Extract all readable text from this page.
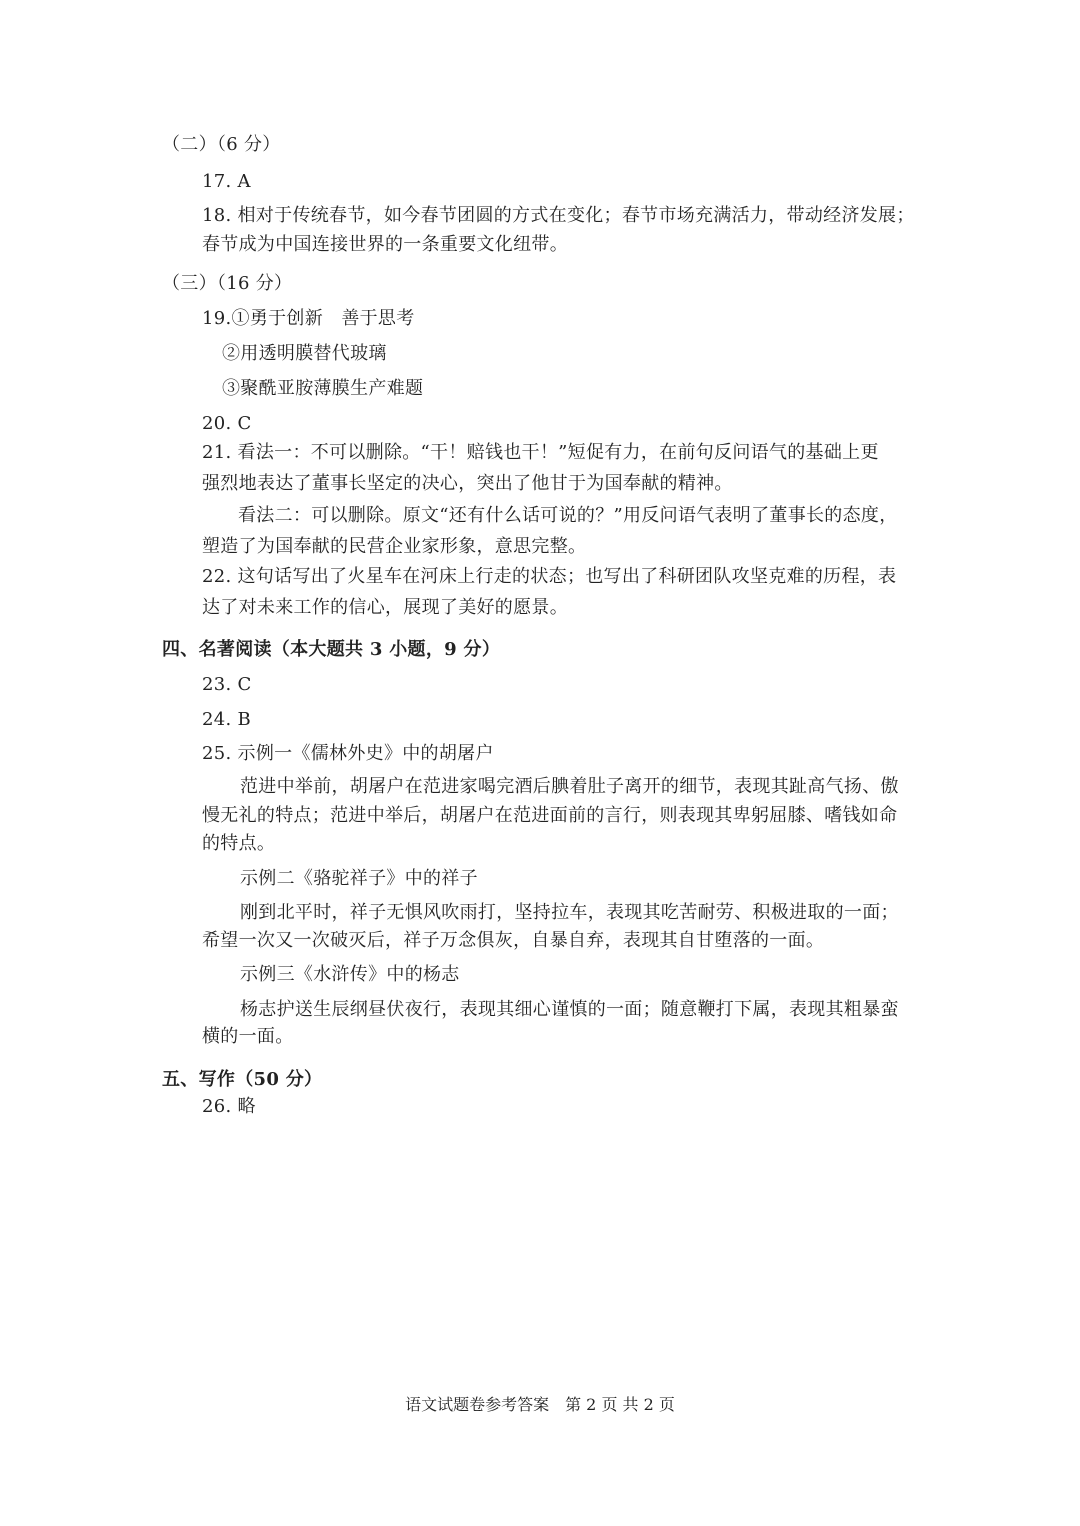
（二）（6 分）
17. A
18. 相对于传统春节，如今春节团圆的方式在变化；春节市场充满活力，带动经济发展；
春节成为中国连接世界的一条重要文化纽带。
（三）（16 分）
19.①勇于创新　善于思考
②用透明膜替代玻璃
③聚酰亚胺薄膜生产难题
20. C
21. 看法一：不可以删除。“干！赔钱也干！”短促有力，在前句反问语气的基础上更
强烈地表达了董事长坚定的决心，突出了他甘于为国奉献的精神。
看法二：可以删除。原文“还有什么话可说的？”用反问语气表明了董事长的态度，
塑造了为国奉献的民营企业家形象，意思完整。
22. 这句话写出了火星车在河床上行走的状态；也写出了科研团队攻坚克难的历程，表
达了对未来工作的信心，展现了美好的愿景。
四、名著阅读（本大题共 3 小题，9 分）
23. C
24. B
25. 示例一《儒林外史》中的胡屠户
范进中举前，胡屠户在范进家喝完酒后腆着肚子离开的细节，表现其趾高气扬、傲
慢无礼的特点；范进中举后，胡屠户在范进面前的言行，则表现其卑躬屈膝、嗜钱如命
的特点。
示例二《骆驼祥子》中的祥子
刚到北平时，祥子无惧风吹雨打，坚持拉车，表现其吃苦耐劳、积极进取的一面；
希望一次又一次破灭后，祥子万念俱灰，自暴自弃，表现其自甘堕落的一面。
示例三《水浒传》中的杨志
杨志护送生辰纲昼伏夜行，表现其细心谨慎的一面；随意鞭打下属，表现其粗暴蛮
横的一面。
五、写作（50 分）
26. 略
语文试题卷参考答案　第 2 页 共 2 页
